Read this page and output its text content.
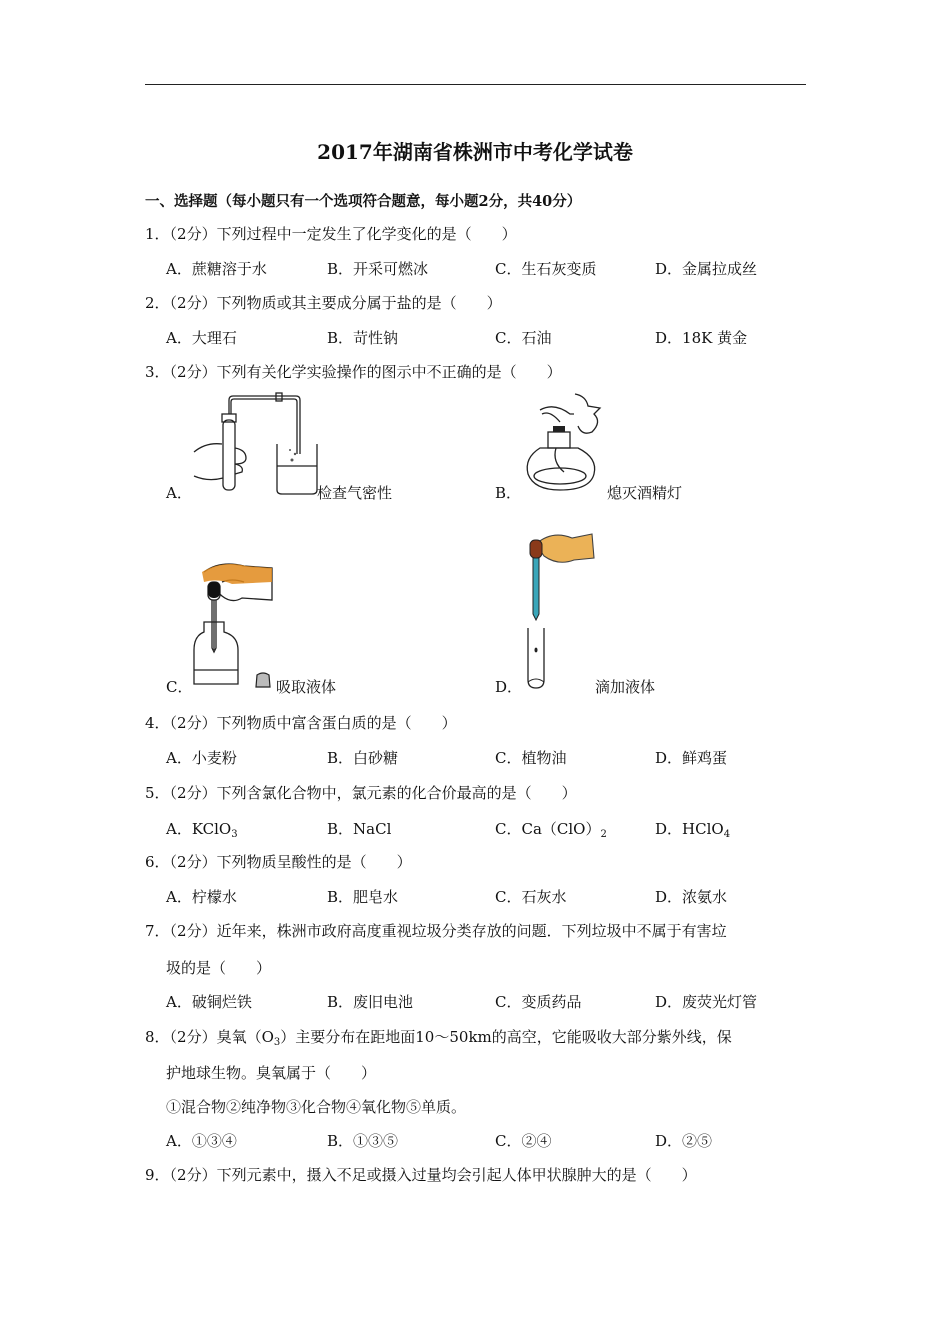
2017年湖南省株洲市中考化学试卷
一、选择题（每小题只有一个选项符合题意，每小题2分，共40分）
1．（2分）下列过程中一定发生了化学变化的是（　　）
A．蔗糖溶于水	B．开采可燃冰	C．生石灰变质	D．金属拉成丝
2．（2分）下列物质或其主要成分属于盐的是（　　）
A．大理石	B．苛性钠	C．石油	D．18K 黄金
3．（2分）下列有关化学实验操作的图示中不正确的是（　　）
A．	检查气密性	B．	熄灭酒精灯
C．	吸取液体	D．	滴加液体
4．（2分）下列物质中富含蛋白质的是（　　）
A．小麦粉	B．白砂糖	C．植物油	D．鲜鸡蛋
5．（2分）下列含氯化合物中，氯元素的化合价最高的是（　　）
A．KClO$_3$	B．NaCl	C．$Ca(ClO)_2$	D．HClO$_4$
6．（2分）下列物质呈酸性的是（　　）
A．柠檬水	B．肥皂水	C．石灰水	D．浓氨水
7．（2分）近年来，株洲市政府高度重视垃圾分类存放的问题．下列垃圾中不属于有害垃
圾的是（　　）
A．破铜烂铁	B．废旧电池	C．变质药品	D．废荧光灯管
8．（2分）臭氧$(O_3)$主要分布在距地面10～50km的高空，它能吸收大部分紫外线，保
护地球生物。臭氧属于（　　）
①混合物②纯净物③化合物④氧化物⑤单质。
A．①③④	B．①③⑤	C．②④	D．②⑤
9．（2分）下列元素中，摄入不足或摄入过量均会引起人体甲状腺肿大的是（　　）
